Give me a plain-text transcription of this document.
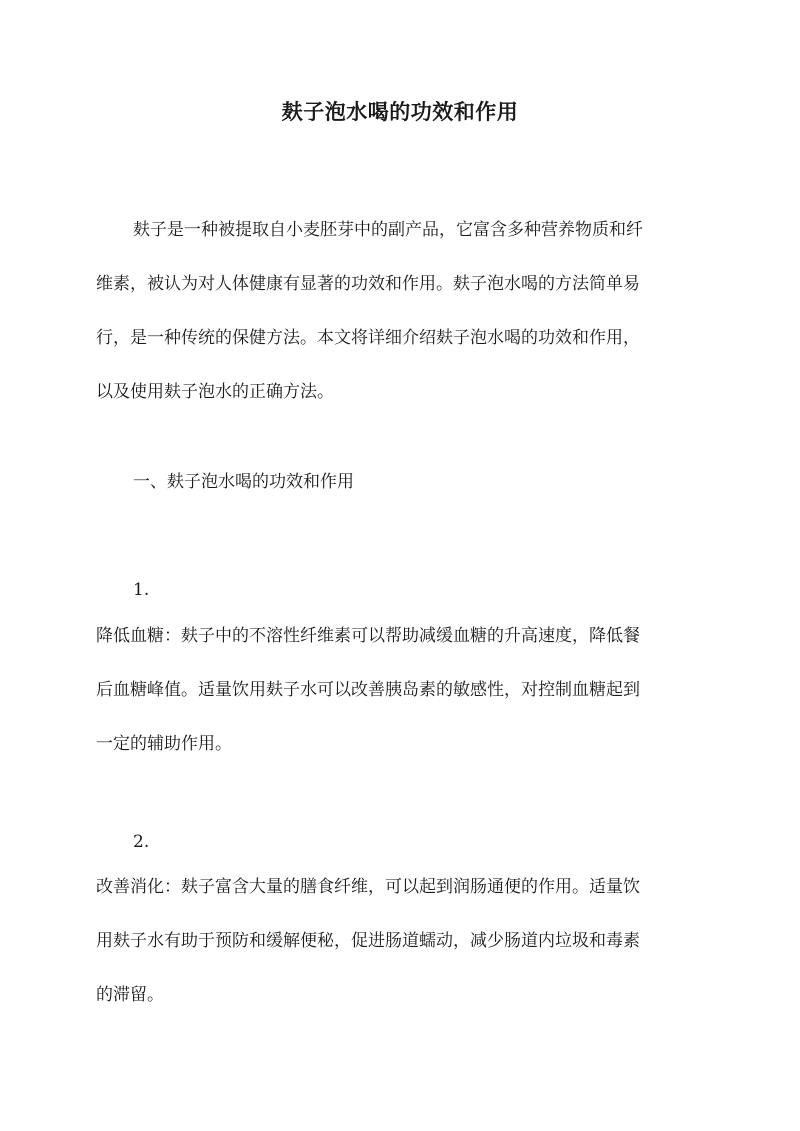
麸子泡水喝的功效和作用

麸子是一种被提取自小麦胚芽中的副产品，它富含多种营养物质和纤
维素，被认为对人体健康有显著的功效和作用。麸子泡水喝的方法简单易
行，是一种传统的保健方法。本文将详细介绍麸子泡水喝的功效和作用，
以及使用麸子泡水的正确方法。

一、麸子泡水喝的功效和作用
1.

降低血糖：麸子中的不溶性纤维素可以帮助减缓血糖的升高速度，降低餐
后血糖峰值。适量饮用麸子水可以改善胰岛素的敏感性，对控制血糖起到
一定的辅助作用。

2.

改善消化：麸子富含大量的膳食纤维，可以起到润肠通便的作用。适量饮
用麸子水有助于预防和缓解便秘，促进肠道蠕动，减少肠道内垃圾和毒素
的滞留。
